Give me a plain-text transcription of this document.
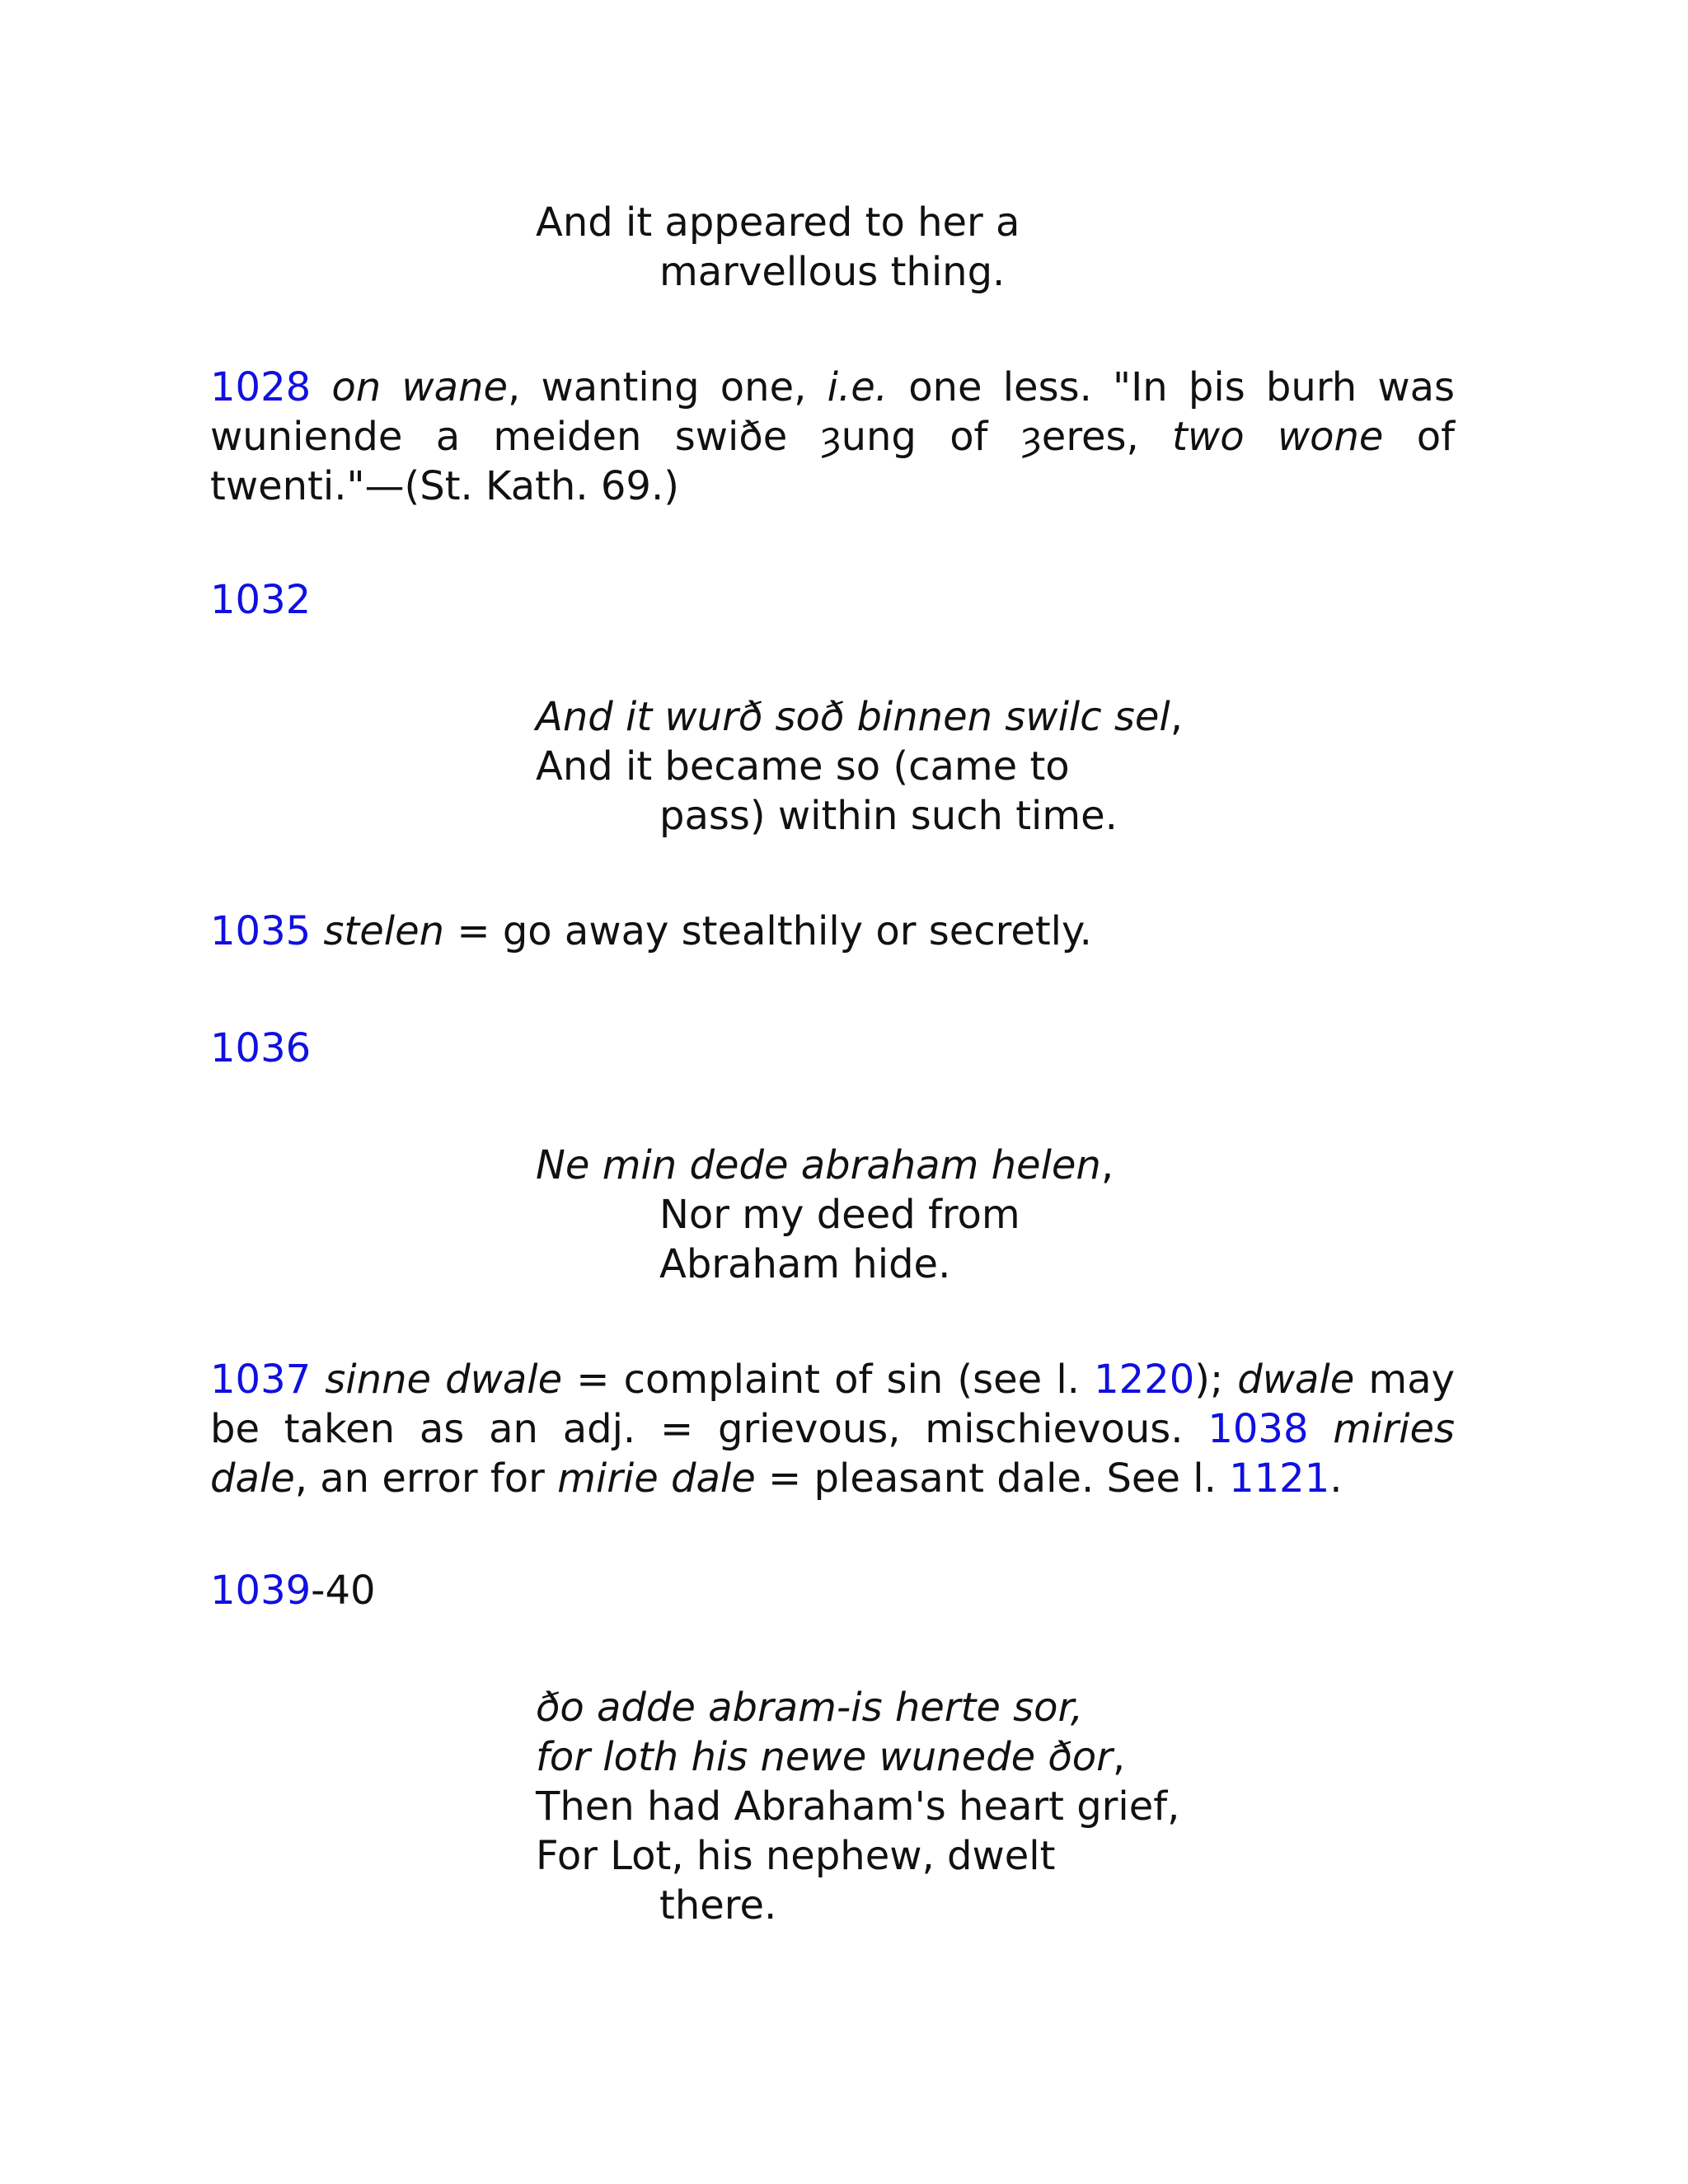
And it appeared to her a
marvellous thing.
1028 on wane, wanting one, i.e. one less. "In þis burh was wuniende a meiden swiðe ȝung of ȝeres, two wone of twenti."—(St. Kath. 69.)
1032
And it wurð soð binnen swilc sel,
And it became so (came to
pass) within such time.
1035 stelen = go away stealthily or secretly.
1036
Ne min dede abraham helen,
Nor my deed from
Abraham hide.
1037 sinne dwale = complaint of sin (see l. 1220); dwale may be taken as an adj. = grievous, mischievous. 1038 miries dale, an error for mirie dale = pleasant dale. See l. 1121.
1039-40
ðo adde abram-is herte sor,
for loth his newe wunede ðor,
Then had Abraham's heart grief,
For Lot, his nephew, dwelt
there.
